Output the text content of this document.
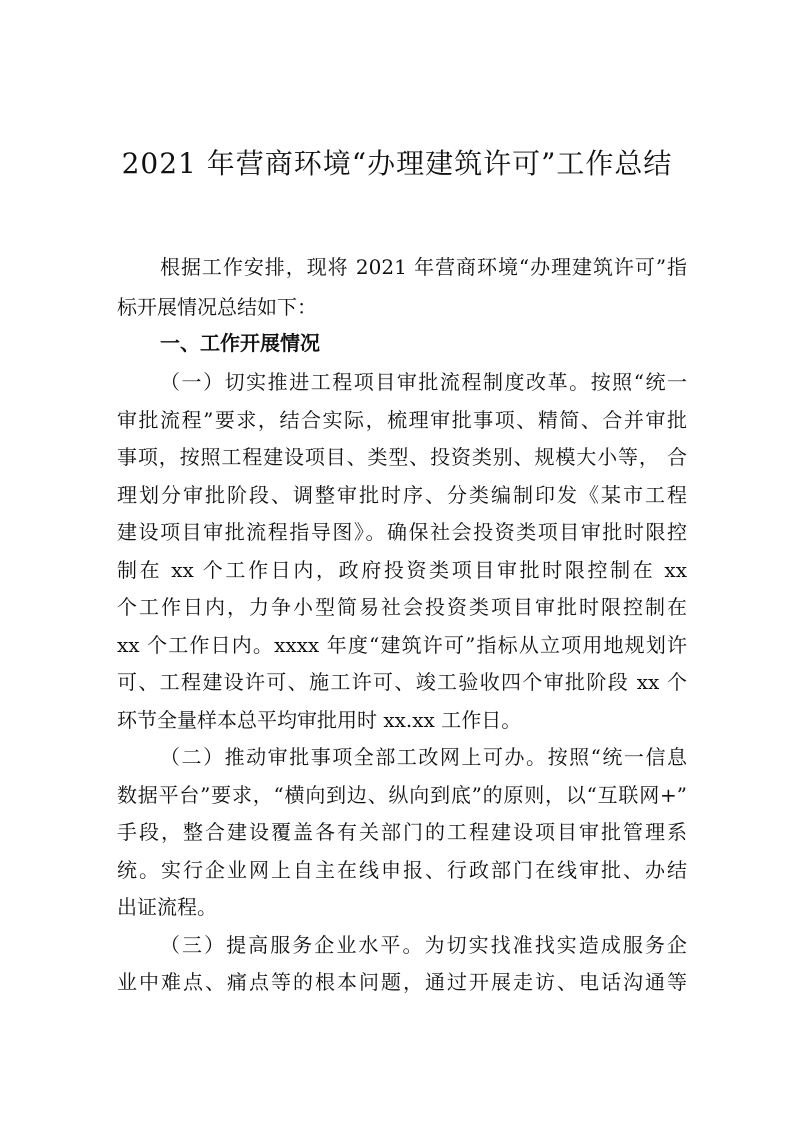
2021 年营商环境“办理建筑许可”工作总结
根据工作安排，现将 2021 年营商环境“办理建筑许可”指
标开展情况总结如下：
一、工作开展情况
（一）切实推进工程项目审批流程制度改革。按照“统一
审批流程”要求，结合实际，梳理审批事项、精简、合并审批
事项，按照工程建设项目、类型、投资类别、规模大小等， 合
理划分审批阶段、调整审批时序、分类编制印发《某市工程
建设项目审批流程指导图》。确保社会投资类项目审批时限控
制在 xx 个工作日内，政府投资类项目审批时限控制在 xx
个工作日内，力争小型简易社会投资类项目审批时限控制在
xx 个工作日内。xxxx 年度“建筑许可”指标从立项用地规划许
可、工程建设许可、施工许可、竣工验收四个审批阶段 xx 个
环节全量样本总平均审批用时 xx.xx 工作日。
（二）推动审批事项全部工改网上可办。按照“统一信息
数据平台”要求，“横向到边、纵向到底”的原则，以“互联网+”
手段，整合建设覆盖各有关部门的工程建设项目审批管理系
统。实行企业网上自主在线申报、行政部门在线审批、办结
出证流程。
（三）提高服务企业水平。为切实找准找实造成服务企
业中难点、痛点等的根本问题，通过开展走访、电话沟通等
